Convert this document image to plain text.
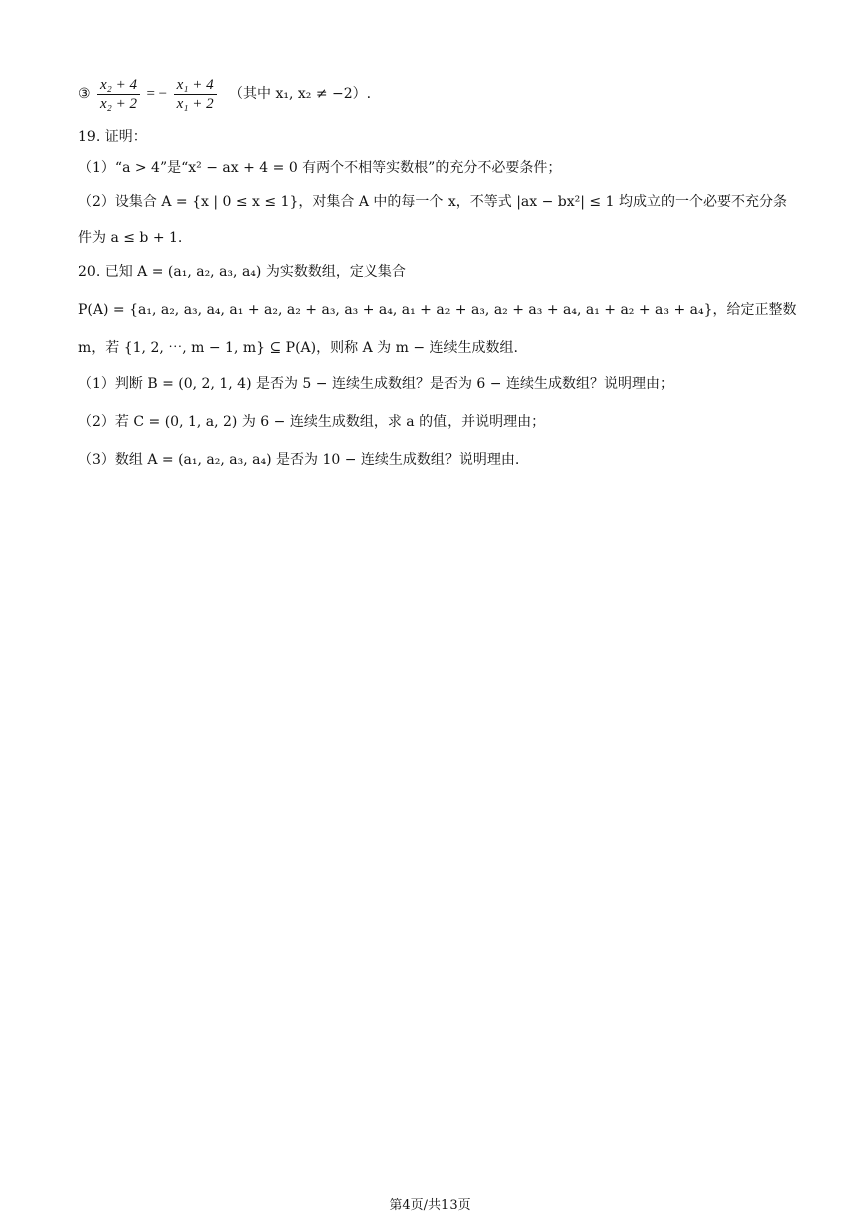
③ $\frac{\text{x₂ + 4}}{\text{x₂ + 2}}$ = − $\frac{\text{x₁ + 4}}{\text{x₁ + 2}}$ （其中 x₁, x₂ ≠ −2）.
19. 证明：
（1）“a > 4”是“x² − ax + 4 = 0 有两个不相等实数根”的充分不必要条件；
（2）设集合 A = {x | 0 ≤ x ≤ 1}，对集合 A 中的每一个 x，不等式 |ax − bx²| ≤ 1 均成立的一个必要不充分条
件为 a ≤ b + 1.
20. 已知 A = (a₁, a₂, a₃, a₄) 为实数数组，定义集合
P(A) = {a₁, a₂, a₃, a₄, a₁ + a₂, a₂ + a₃, a₃ + a₄, a₁ + a₂ + a₃, a₂ + a₃ + a₄, a₁ + a₂ + a₃ + a₄}，给定正整数
m，若 {1, 2, ⋯, m − 1, m} ⊆ P(A)，则称 A 为 m − 连续生成数组.
（1）判断 B = (0, 2, 1, 4) 是否为 5 − 连续生成数组？是否为 6 − 连续生成数组？说明理由；
（2）若 C = (0, 1, a, 2) 为 6 − 连续生成数组，求 a 的值，并说明理由；
（3）数组 A = (a₁, a₂, a₃, a₄) 是否为 10 − 连续生成数组？说明理由.
第4页/共13页
